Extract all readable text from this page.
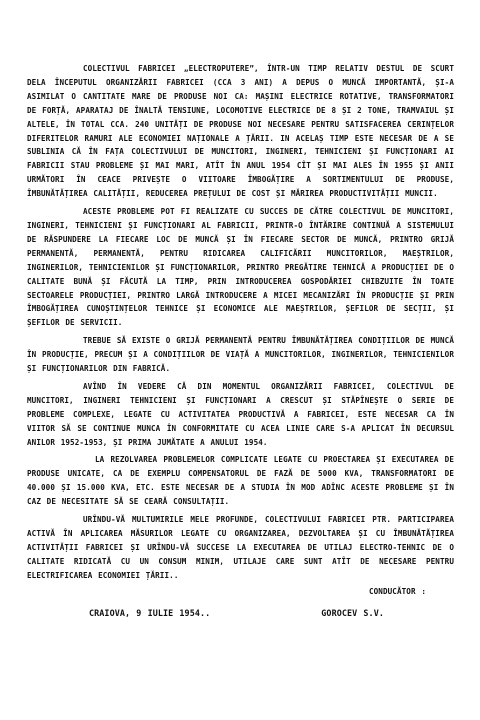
COLECTIVUL FABRICEI „ELECTROPUTERE”, ÎNTR-UN TIMP RELATIV DESTUL DE SCURT DELA ÎNCEPUTUL ORGANIZĂRII FABRICEI (CCA 3 ANI) A DEPUS O MUNCĂ IMPORTANTĂ, ȘI-A ASIMILAT O CANTITATE MARE DE PRODUSE NOI CA: MAȘINI ELECTRICE ROTATIVE, TRANSFORMATORI DE FORȚĂ, APARATAJ DE ÎNALTĂ TENSIUNE, LOCOMOTIVE ELECTRICE DE 8 ȘI 2 TONE, TRAMVAIUL ȘI ALTELE, ÎN TOTAL CCA. 240 UNITĂȚI DE PRODUSE NOI NECESARE PENTRU SATISFACEREA CERINȚELOR DIFERITELOR RAMURI ALE ECONOMIEI NAȚIONALE A ȚĂRII. IN ACELAȘ TIMP ESTE NECESAR DE A SE SUBLINIA CĂ ÎN FAȚA COLECTIVULUI DE MUNCITORI, INGINERI, TEHNICIENI ȘI FUNCȚIONARI AI FABRICII STAU PROBLEME ȘI MAI MARI, ATÎT ÎN ANUL 1954 CÎT ȘI MAI ALES ÎN 1955 ȘI ANII URMĂTORI ÎN CEACE PRIVEȘTE O VIITOARE ÎMBOGĂȚIRE A SORTIMENTULUI DE PRODUSE, ÎMBUNĂTĂȚIREA CALITĂȚII, REDUCEREA PREȚULUI DE COST ȘI MĂRIREA PRODUCTIVITĂȚII MUNCII.

ACESTE PROBLEME POT FI REALIZATE CU SUCCES DE CĂTRE COLECTIVUL DE MUNCITORI, INGINERI, TEHNICIENI ȘI FUNCȚIONARI AL FABRICII, PRINTR-O ÎNTĂRIRE CONTINUĂ A SISTEMULUI DE RĂSPUNDERE LA FIECARE LOC DE MUNCĂ ȘI ÎN FIECARE SECTOR DE MUNCĂ, PRINTRO GRIJĂ PERMANENTĂ, PERMANENTĂ, PENTRU RIDICAREA CALIFICĂRII MUNCITORILOR, MAEȘTRILOR, INGINERILOR, TEHNICIENILOR ȘI FUNCȚIONARILOR, PRINTRO PREGĂTIRE TEHNICĂ A PRODUCȚIEI DE O CALITATE BUNĂ ȘI FĂCUTĂ LA TIMP, PRIN INTRODUCEREA GOSPODĂRIEI CHIBZUITE ÎN TOATE SECTOARELE PRODUCȚIEI, PRINTRO LARGĂ INTRODUCERE A MICEI MECANIZĂRI ÎN PRODUCȚIE ȘI PRIN ÎMBOGĂȚIREA CUNOȘTINȚELOR TEHNICE ȘI ECONOMICE ALE MAEȘTRILOR, ȘEFILOR DE SECȚII, ȘI ȘEFILOR DE SERVICII.

TREBUE SĂ EXISTE O GRIJĂ PERMANENTĂ PENTRU ÎMBUNĂTĂȚIREA CONDIȚIILOR DE MUNCĂ ÎN PRODUCȚIE, PRECUM ȘI A CONDIȚIILOR DE VIAȚĂ A MUNCITORILOR, INGINERILOR, TEHNICIENILOR ȘI FUNCȚIONARILOR DIN FABRICĂ.

AVÎND ÎN VEDERE CĂ DIN MOMENTUL ORGANIZĂRII FABRICEI, COLECTIVUL DE MUNCITORI, INGINERI TEHNICIENI ȘI FUNCȚIONARI A CRESCUT ȘI STĂPÎNEȘTE O SERIE DE PROBLEME COMPLEXE, LEGATE CU ACTIVITATEA PRODUCTIVĂ A FABRICEI, ESTE NECESAR CA ÎN VIITOR SĂ SE CONTINUE MUNCA ÎN CONFORMITATE CU ACEA LINIE CARE S-A APLICAT ÎN DECURSUL ANILOR 1952-1953, ȘI PRIMA JUMĂTATE A ANULUI 1954.

LA REZOLVAREA PROBLEMELOR COMPLICATE LEGATE CU PROECTAREA ȘI EXECUTAREA DE PRODUSE UNICATE, CA DE EXEMPLU COMPENSATORUL DE FAZĂ DE 5000 KVA, TRANSFORMATORI DE 40.000 ȘI 15.000 KVA, ETC. ESTE NECESAR DE A STUDIA ÎN MOD ADÎNC ACESTE PROBLEME ȘI ÎN CAZ DE NECESITATE SĂ SE CEARĂ CONSULTAȚII.

URÎNDU-VĂ MULTUMIRILE MELE PROFUNDE, COLECTIVULUI FABRICEI PTR. PARTICIPAREA ACTIVĂ ÎN APLICAREA MĂSURILOR LEGATE CU ORGANIZAREA, DEZVOLTAREA ȘI CU ÎMBUNĂTĂȚIREA ACTIVITĂȚII FABRICEI ȘI URÎNDU-VĂ SUCCESE LA EXECUTAREA DE UTILAJ ELECTRO-TEHNIC DE O CALITATE RIDICATĂ CU UN CONSUM MINIM, UTILAJE CARE SUNT ATÎT DE NECESARE PENTRU ELECTRIFICAREA ECONOMIEI ȚĂRII..

CONDUCĂTOR :
CRAIOVA, 9 IULIE 1954..	GOROCEV S.V.
